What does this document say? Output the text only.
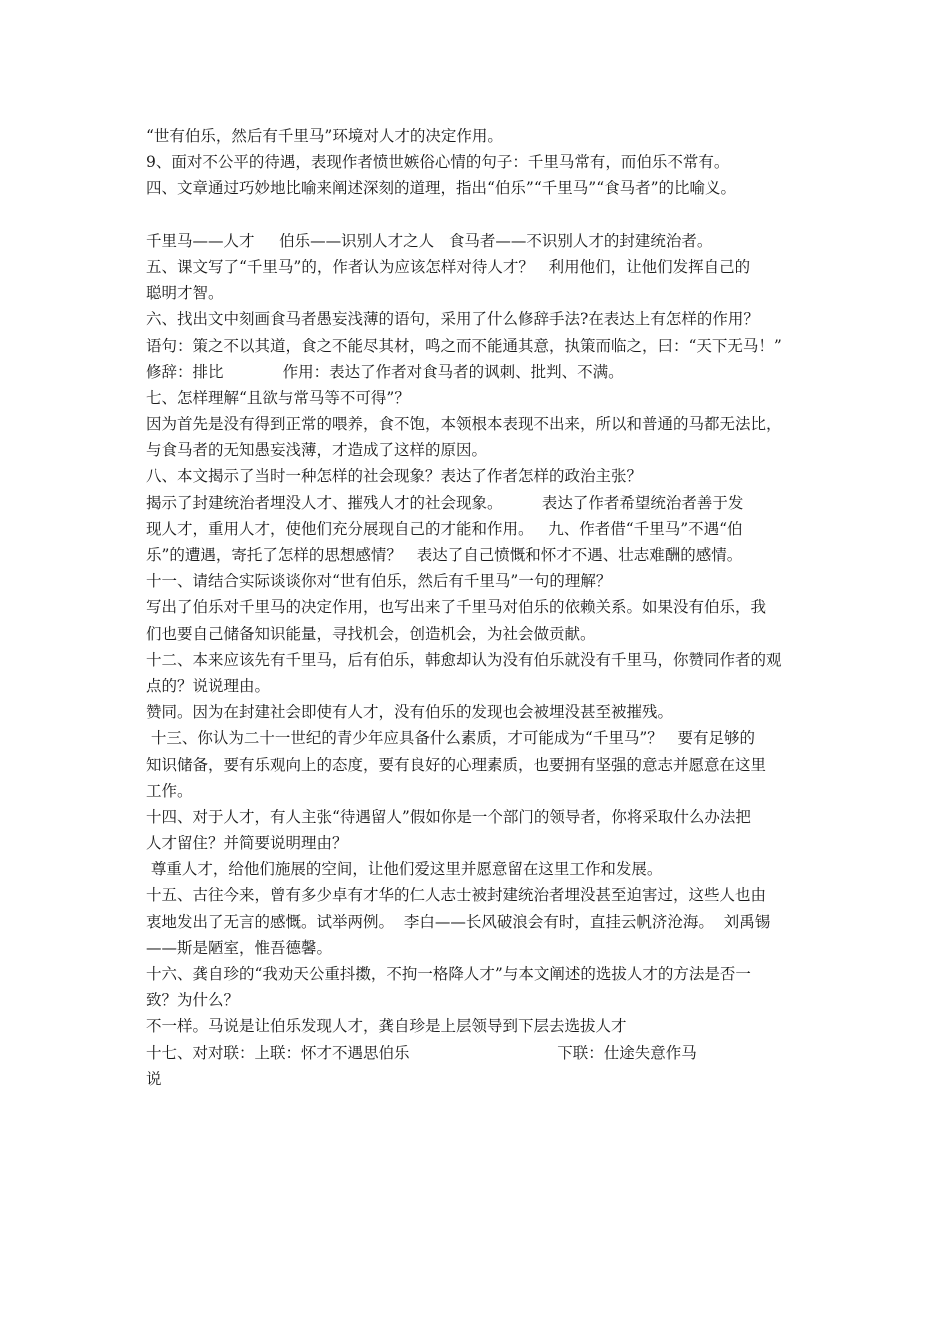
“世有伯乐，然后有千里马”环境对人才的决定作用。
9、面对不公平的待遇，表现作者愤世嫉俗心情的句子：千里马常有，而伯乐不常有。
四、文章通过巧妙地比喻来阐述深刻的道理，指出“伯乐”“千里马”“食马者”的比喻义。
千里马——人才     伯乐——识别人才之人   食马者——不识别人才的封建统治者。
五、课文写了“千里马”的，作者认为应该怎样对待人才？   利用他们，让他们发挥自己的
聪明才智。
六、找出文中刻画食马者愚妄浅薄的语句，采用了什么修辞手法?在表达上有怎样的作用？
语句：策之不以其道，食之不能尽其材，鸣之而不能通其意，执策而临之，曰：“天下无马！”
修辞：排比            作用：表达了作者对食马者的讽刺、批判、不满。
七、怎样理解“且欲与常马等不可得”？
因为首先是没有得到正常的喂养，食不饱，本领根本表现不出来，所以和普通的马都无法比，
与食马者的无知愚妄浅薄，才造成了这样的原因。
八、本文揭示了当时一种怎样的社会现象？表达了作者怎样的政治主张？
揭示了封建统治者埋没人才、摧残人才的社会现象。        表达了作者希望统治者善于发
现人才，重用人才，使他们充分展现自己的才能和作用。   九、作者借“千里马”不遇“伯
乐”的遭遇，寄托了怎样的思想感情？   表达了自己愤慨和怀才不遇、壮志难酬的感情。
十一、请结合实际谈谈你对“世有伯乐，然后有千里马”一句的理解？
写出了伯乐对千里马的决定作用，也写出来了千里马对伯乐的依赖关系。如果没有伯乐，我
们也要自己储备知识能量，寻找机会，创造机会，为社会做贡献。
十二、本来应该先有千里马，后有伯乐，韩愈却认为没有伯乐就没有千里马，你赞同作者的观
点的？说说理由。
赞同。因为在封建社会即使有人才，没有伯乐的发现也会被埋没甚至被摧残。
十三、你认为二十一世纪的青少年应具备什么素质，才可能成为“千里马”？   要有足够的
知识储备，要有乐观向上的态度，要有良好的心理素质，也要拥有坚强的意志并愿意在这里
工作。
十四、对于人才，有人主张“待遇留人”假如你是一个部门的领导者，你将采取什么办法把
人才留住？并简要说明理由？
尊重人才，给他们施展的空间，让他们爱这里并愿意留在这里工作和发展。
十五、古往今来，曾有多少卓有才华的仁人志士被封建统治者埋没甚至迫害过，这些人也由
衷地发出了无言的感慨。试举两例。  李白——长风破浪会有时，直挂云帆济沧海。  刘禹锡
——斯是陋室，惟吾德馨。
十六、龚自珍的“我劝天公重抖擞，不拘一格降人才”与本文阐述的选拔人才的方法是否一
致？为什么？
不一样。马说是让伯乐发现人才，龚自珍是上层领导到下层去选拔人才
十七、对对联：上联：怀才不遇思伯乐                              下联：仕途失意作马
说
